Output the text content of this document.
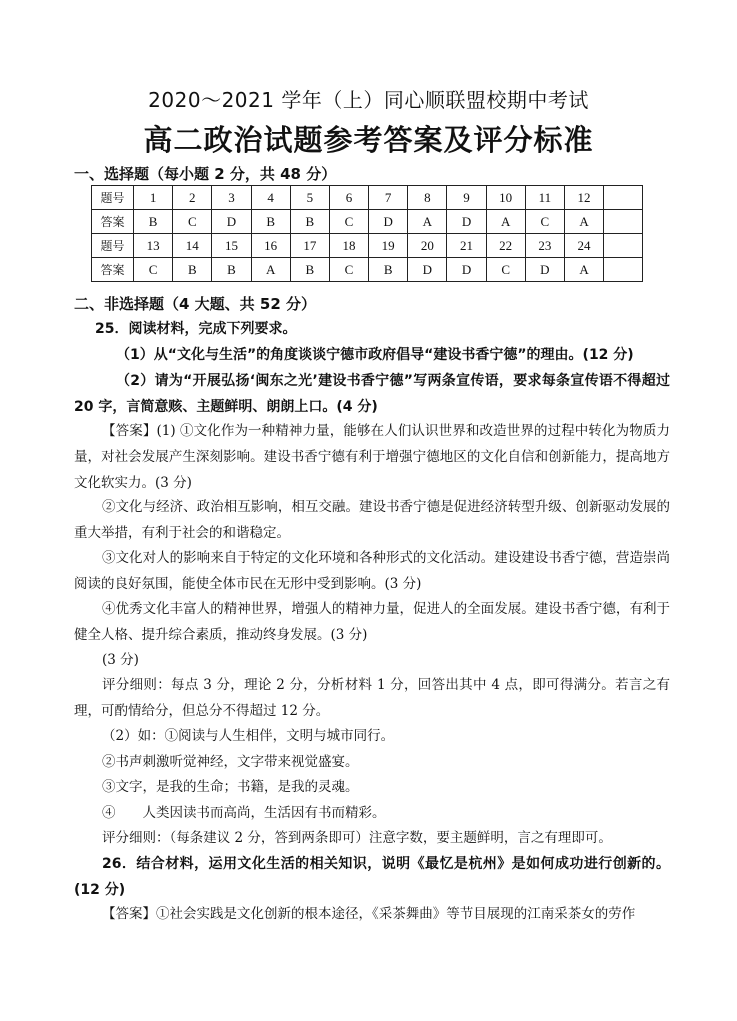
2020～2021 学年（上）同心顺联盟校期中考试
高二政治试题参考答案及评分标准
一、选择题（每小题 2 分，共 48 分）
题号	1	2	3	4	5	6	7	8	9	10	11	12	
答案	B	C	D	B	B	C	D	A	D	A	C	A	
题号	13	14	15	16	17	18	19	20	21	22	23	24	
答案	C	B	B	A	B	C	B	D	D	C	D	A	
二、非选择题（4 大题、共 52 分）

25．阅读材料，完成下列要求。

（1）从“文化与生活”的角度谈谈宁德市政府倡导“建设书香宁德”的理由。(12 分)

（2）请为“开展弘扬‘闽东之光’建设书香宁德”写两条宣传语，要求每条宣传语不得超过 20 字，言简意赅、主题鲜明、朗朗上口。(4 分)

【答案】(1) ①文化作为一种精神力量，能够在人们认识世界和改造世界的过程中转化为物质力量，对社会发展产生深刻影响。建设书香宁德有利于增强宁德地区的文化自信和创新能力，提高地方文化软实力。(3 分)

②文化与经济、政治相互影响，相互交融。建设书香宁德是促进经济转型升级、创新驱动发展的重大举措，有利于社会的和谐稳定。

③文化对人的影响来自于特定的文化环境和各种形式的文化活动。建设建设书香宁德，营造崇尚阅读的良好氛围，能使全体市民在无形中受到影响。(3 分)

④优秀文化丰富人的精神世界，增强人的精神力量，促进人的全面发展。建设书香宁德，有利于健全人格、提升综合素质，推动终身发展。(3 分)

(3 分)

评分细则：每点 3 分，理论 2 分，分析材料 1 分，回答出其中 4 点，即可得满分。若言之有理，可酌情给分，但总分不得超过 12 分。

（2）如：①阅读与人生相伴，文明与城市同行。

②书声刺激听觉神经，文字带来视觉盛宴。

③文字，是我的生命；书籍，是我的灵魂。

④　　人类因读书而高尚，生活因有书而精彩。

评分细则：（每条建议 2 分，答到两条即可）注意字数，要主题鲜明，言之有理即可。

26．结合材料，运用文化生活的相关知识，说明《最忆是杭州》是如何成功进行创新的。(12 分)

【答案】①社会实践是文化创新的根本途径，《采茶舞曲》等节目展现的江南采茶女的劳作
